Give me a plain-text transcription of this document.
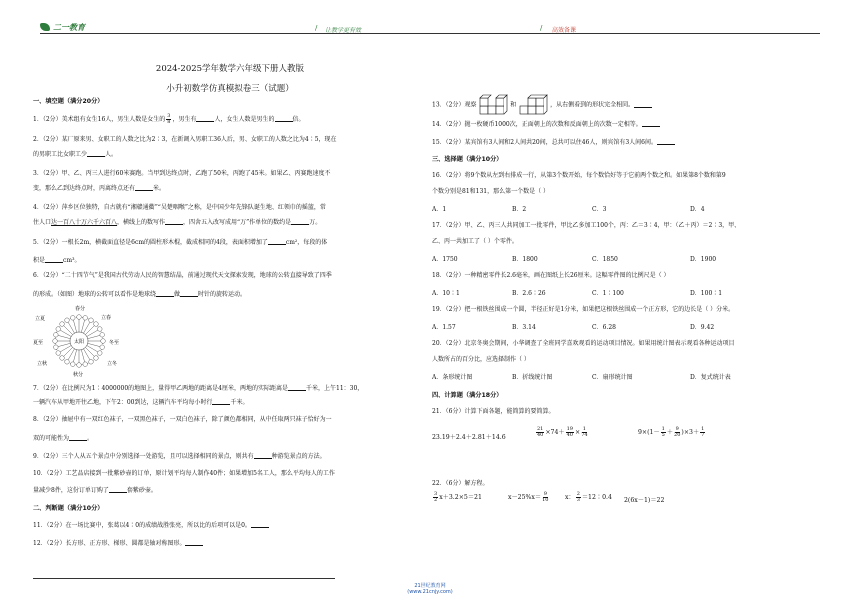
二一教育	/ 让教学更有效	/ 高效备课
2024-2025学年数学六年级下册人教版
小升初数学仿真模拟卷三（试题）
一、填空题（满分20分）
1．（2分）美术组有女生16人，男生人数是女生的 $\frac{3}{8}$ ，男生有	人，女生人数是男生的	倍。
2．（2分）某厂原来男、女职工的人数之比为2∶3，在新调入男职工36人后，男、女职工的人数之比为4∶5，现在
的男职工比女职工少	人。
3．（2分）甲、乙、丙三人进行60米赛跑。当甲到达终点时，乙跑了50米，丙跑了45米。如果乙、丙赛跑速度不
变，那么乙到达终点时，丙离终点还有	米。
4．（2分）萍乡区位独特，自古就有“湘赣通衢”“吴楚咽喉”之称，是中国少年先锋队诞生地、红领巾的摇篮，常
住人口达一百八十万六千六百八，横线上的数写作	，四舍五入改写成用“万”作单位的数约是	万。
5．（2分）一根长2m，横截面直径是6cm的圆柱形木棍，截成相同的4段，表面积增加了	cm²，每段的体
积是	cm³。
6．（2分）“二十四节气”是我国古代劳动人民的智慧结晶，前通过现代天文探索发现，地球的公转直接导致了四季
的形成。（如图）地球的公转可以看作是地球绕	做	时针的旋转运动。
太阳
春分
立春
立夏
夏至	冬至
立秋	立冬
秋分
7．（2分）在比例尺为1∶4000000的地图上，量得甲乙两地的距离是4厘米，两地的实际距离是	千米，上午11：30，
一辆汽车从甲地开往乙地，下午2：00到达，这辆汽车平均每小时行	千米。
8．（2分）抽屉中有一双红色袜子，一双黑色袜子，一双白色袜子，除了颜色都相同，从中任取两只袜子恰好为一
双的可能性为	。
9．（2分）三个人从五个景点中分别选择一处游览，且可以选择相同的景点，则共有	种游览景点的方法。
10．（2分）工艺品店接到一批紫砂壶的订单，原计划平均每人制作40件；如果增加5名工人，那么平均每人的工作
量减少8件，这份订单订购了	套紫砂壶。
二、判断题（满分10分）
11．（2分）在一场比赛中，张葛以4∶0的成绩战胜张亮，所以比的后项可以是0。
12．（2分）长方形、正方形、梯形、圆都是轴对称图形。
13．（2分）观察	和	，从右侧看到的形状完全相同。
14．（2分）抛一枚硬币1000次，正面朝上的次数和反面朝上的次数一定相等。
15．（2分）某宾馆有3人间和2人间共20间，总共可以住46人，则宾馆有3人间6间。
三、选择题（满分10分）
16．（2分）将9个数从左到右排成一行，从第3个数开始，每个数恰好等于它前两个数之和。如果第8个数和第9
个数分别是81和131，那么第一个数是（ ）
A．1	B．2	C．3	D．4
17．（2分）甲、乙、丙三人共同加工一批零件，甲比乙多加工100个，丙：乙＝3∶4，甲：（乙＋丙）＝2∶3，甲、
乙、丙一共加工了（ ）个零件。
A．1750	B．1800	C．1850	D．1900
18．（2分）一种精密零件长2.6毫米，画在图纸上长26厘米。这幅零件图的比例尺是（ ）
A．10∶1	B．2.6∶26	C．1∶100	D．100∶1
19．（2分）把一根铁丝围成一个圆，半径正好是1分米，如果把这根铁丝围成一个正方形，它的边长是（ ）分米。
A．1.57	B．3.14	C．6.28	D．9.42
20．（2分）北京冬奥会期间，小华调查了全班同学喜欢观看的运动项目情况。如果用统计图表示观看各种运动项目
人数所占的百分比，应选择制作（ ）
A．条形统计图	B．折线统计图	C．扇形统计图	D．复式统计表
四、计算题（满分18分）
21．（6分）计算下面各题，能简算的要简算。
23.19＋2.4＋2.81＋14.6	$\frac{21}{40} \times 74+ \frac{19}{40} \times \frac{1}{74}$	$9\times(1- \frac{1}{5} + \frac{9}{20} )\times 3+ \frac{1}{7}$
22．（6分）解方程。
$\frac{3}{2} x+3.2\times 5=21$	$x-25\%x= \frac{9}{10}$	x： $\frac{2}{3}$ ＝12∶0.4 2(6x－1)＝22
21世纪教育网(www.21cnjy.com)
